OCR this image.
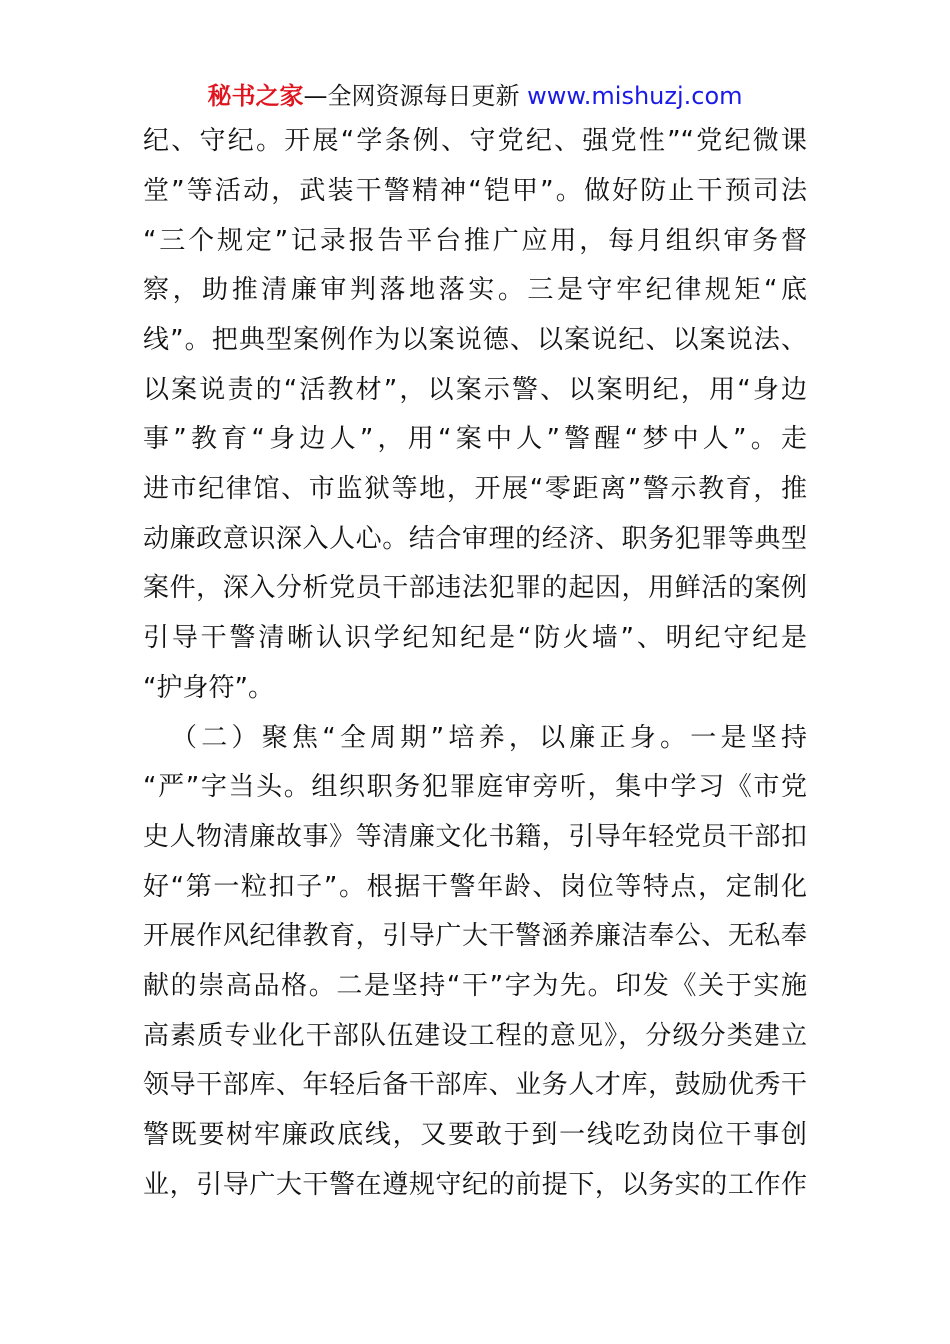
秘书之家—全网资源每日更新 www.mishuzj.com
纪、守纪。开展“学条例、守党纪、强党性”“党纪微课
堂”等活动，武装干警精神“铠甲”。做好防止干预司法
“三个规定”记录报告平台推广应用，每月组织审务督
察，助推清廉审判落地落实。三是守牢纪律规矩“底
线”。把典型案例作为以案说德、以案说纪、以案说法、
以案说责的“活教材”，以案示警、以案明纪，用“身边
事”教育“身边人”，用“案中人”警醒“梦中人”。走
进市纪律馆、市监狱等地，开展“零距离”警示教育，推
动廉政意识深入人心。结合审理的经济、职务犯罪等典型
案件，深入分析党员干部违法犯罪的起因，用鲜活的案例
引导干警清晰认识学纪知纪是“防火墙”、明纪守纪是
“护身符”。
（二）聚焦“全周期”培养，以廉正身。一是坚持
“严”字当头。组织职务犯罪庭审旁听，集中学习《市党
史人物清廉故事》等清廉文化书籍，引导年轻党员干部扣
好“第一粒扣子”。根据干警年龄、岗位等特点，定制化
开展作风纪律教育，引导广大干警涵养廉洁奉公、无私奉
献的崇高品格。二是坚持“干”字为先。印发《关于实施
高素质专业化干部队伍建设工程的意见》，分级分类建立
领导干部库、年轻后备干部库、业务人才库，鼓励优秀干
警既要树牢廉政底线，又要敢于到一线吃劲岗位干事创
业，引导广大干警在遵规守纪的前提下，以务实的工作作
